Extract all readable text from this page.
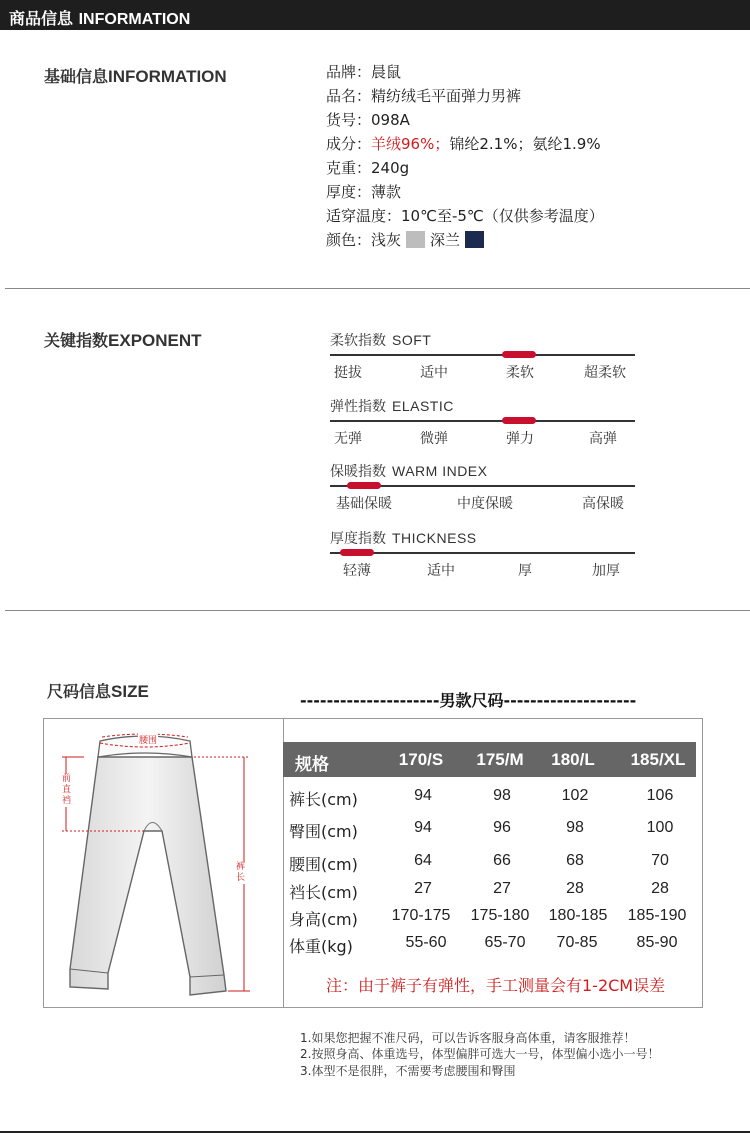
商品信息 INFORMATION
基础信息INFORMATION	品牌：晨鼠
品名：精纺绒毛平面弹力男裤
货号：098A
成分：羊绒96%；锦纶2.1%；氨纶1.9%
克重：240g
厚度：薄款
适穿温度：10℃至-5℃（仅供参考温度）
颜色：浅灰 深兰
关键指数EXPONENT	柔软指数 SOFT
挺拔	适中	柔软	超柔软
弹性指数 ELASTIC
无弹	微弹	弹力	高弹
保暖指数 WARM INDEX
基础保暖	中度保暖	高保暖
厚度指数 THICKNESS
轻薄	适中	厚	加厚
尺码信息SIZE	---------------------男款尺码--------------------
腰围
前直裆
裤长
规格	170/S 175/M 180/L 185/XL
裤长(cm)	94	98	102	106
臀围(cm)	94	96	98	100
腰围(cm)	64	66	68	70
裆长(cm)	27	27	28	28
身高(cm) 170-175 175-180 180-185 185-190
体重(kg)	55-60 65-70 70-85 85-90
注：由于裤子有弹性，手工测量会有1-2CM误差
1.如果您把握不准尺码，可以告诉客服身高体重，请客服推荐！
2.按照身高、体重选号，体型偏胖可选大一号，体型偏小选小一号！
3.体型不是很胖，不需要考虑腰围和臀围
